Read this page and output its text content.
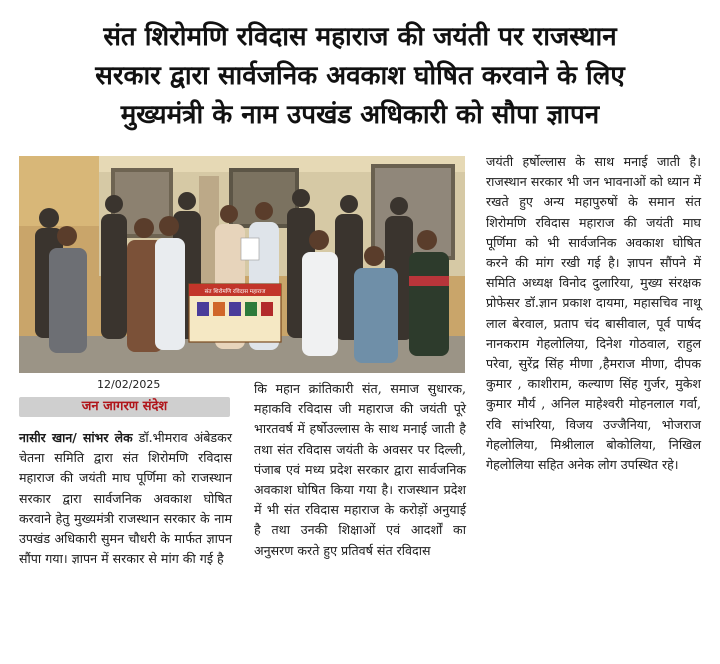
संत शिरोमणि रविदास महाराज की जयंती पर राजस्थान
सरकार द्वारा सार्वजनिक अवकाश घोषित करवाने के लिए
मुख्यमंत्री के नाम उपखंड अधिकारी को सौपा ज्ञापन
संत शिरोमणि रविदास महाराज
12/02/2025
जन जागरण संदेश

नासीर खान/ सांभर लेक डॉ.भीमराव अंबेडकर चेतना समिति द्वारा संत शिरोमणि रविदास महाराज की जयंती माघ पूर्णिमा को राजस्थान सरकार द्वारा सार्वजनिक अवकाश घोषित करवाने हेतु मुख्यमंत्री राजस्थान सरकार के नाम उपखंड अधिकारी सुमन चौधरी के मार्फत ज्ञापन सौंपा गया। ज्ञापन में सरकार से मांग की गई है

कि महान क्रांतिकारी संत, समाज सुधारक, महाकवि रविदास जी महाराज की जयंती पूरे भारतवर्ष में हर्षोउल्लास के साथ मनाई जाती है तथा संत रविदास जयंती के अवसर पर दिल्ली, पंजाब एवं मध्य प्रदेश सरकार द्वारा सार्वजनिक अवकाश घोषित किया गया है। राजस्थान प्रदेश में भी संत रविदास महाराज के करोड़ों अनुयाई है तथा उनकी शिक्षाओं एवं आदर्शों का अनुसरण करते हुए प्रतिवर्ष संत रविदास

जयंती हर्षोल्लास के साथ मनाई जाती है। राजस्थान सरकार भी जन भावनाओं को ध्यान में रखते हुए अन्य महापुरुषों के समान संत शिरोमणि रविदास महाराज की जयंती माघ पूर्णिमा को भी सार्वजनिक अवकाश घोषित करने की मांग रखी गई है। ज्ञापन सौंपने में समिति अध्यक्ष विनोद दुलारिया, मुख्य संरक्षक प्रोफेसर डॉ.ज्ञान प्रकाश दायमा, महासचिव नाथू लाल बेरवाल, प्रताप चंद बासीवाल, पूर्व पार्षद नानकराम गेहलोलिया, दिनेश गोठवाल, राहुल परेवा, सुरेंद्र सिंह मीणा ,हैमराज मीणा, दीपक कुमार , काशीराम, कल्याण सिंह गुर्जर, मुकेश कुमार मौर्य , अनिल माहेश्वरी मोहनलाल गर्वा, रवि सांभरिया, विजय उज्जैनिया, भोजराज गेहलोलिया, मिश्रीलाल बोकोलिया, निखिल गेहलोलिया सहित अनेक लोग उपस्थित रहे।
